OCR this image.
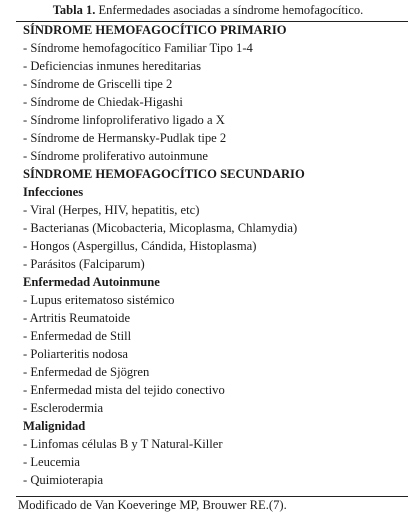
Tabla 1. Enfermedades asociadas a síndrome hemofagocítico.
SÍNDROME HEMOFAGOCÍTICO PRIMARIO
- Síndrome hemofagocítico Familiar Tipo 1-4
- Deficiencias inmunes hereditarias
- Síndrome de Griscelli tipe 2
- Síndrome de Chiedak-Higashi
- Síndrome linfoproliferativo ligado a X
- Síndrome de Hermansky-Pudlak tipe 2
- Síndrome proliferativo autoinmune
SÍNDROME HEMOFAGOCÍTICO SECUNDARIO
Infecciones
- Viral (Herpes, HIV, hepatitis, etc)
- Bacterianas (Micobacteria, Micoplasma, Chlamydia)
- Hongos (Aspergillus, Cándida, Histoplasma)
- Parásitos (Falciparum)
Enfermedad Autoinmune
- Lupus eritematoso sistémico
- Artritis Reumatoide
- Enfermedad de Still
- Poliarteritis nodosa
- Enfermedad de Sjögren
- Enfermedad mista del tejido conectivo
- Esclerodermia
Malignidad
- Linfomas células B y T Natural-Killer
- Leucemia
- Quimioterapia
Modificado de Van Koeveringe MP, Brouwer RE.(7).
